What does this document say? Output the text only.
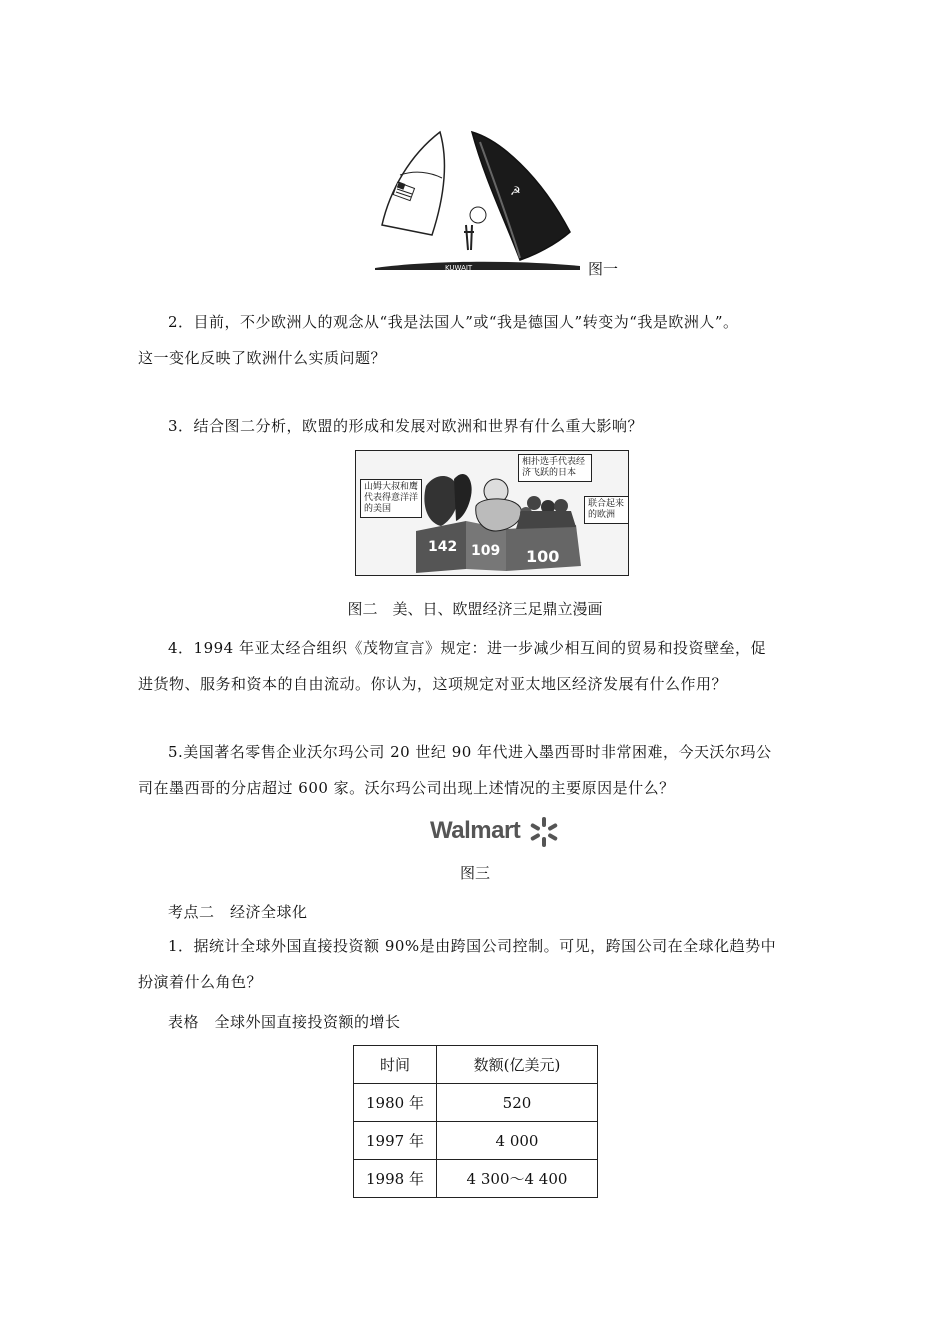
☭
KUWAIT	图一
2．目前，不少欧洲人的观念从“我是法国人”或“我是德国人”转变为“我是欧洲人”。
这一变化反映了欧洲什么实质问题？
3．结合图二分析，欧盟的形成和发展对欧洲和世界有什么重大影响？
山姆大叔和鹰代表得意洋洋的美国
相扑选手代表经济飞跃的日本
联合起来的欧洲
142 109 100
图二　美、日、欧盟经济三足鼎立漫画
4．1994 年亚太经合组织《茂物宣言》规定：进一步减少相互间的贸易和投资壁垒，促
进货物、服务和资本的自由流动。你认为，这项规定对亚太地区经济发展有什么作用？
5.美国著名零售企业沃尔玛公司 20 世纪 90 年代进入墨西哥时非常困难，今天沃尔玛公
司在墨西哥的分店超过 600 家。沃尔玛公司出现上述情况的主要原因是什么？
Walmart
图三
考点二　经济全球化
1．据统计全球外国直接投资额 90%是由跨国公司控制。可见，跨国公司在全球化趋势中
扮演着什么角色？
表格　全球外国直接投资额的增长
时间	数额(亿美元)
1980 年	520
1997 年	4 000
1998 年	4 300～4 400
